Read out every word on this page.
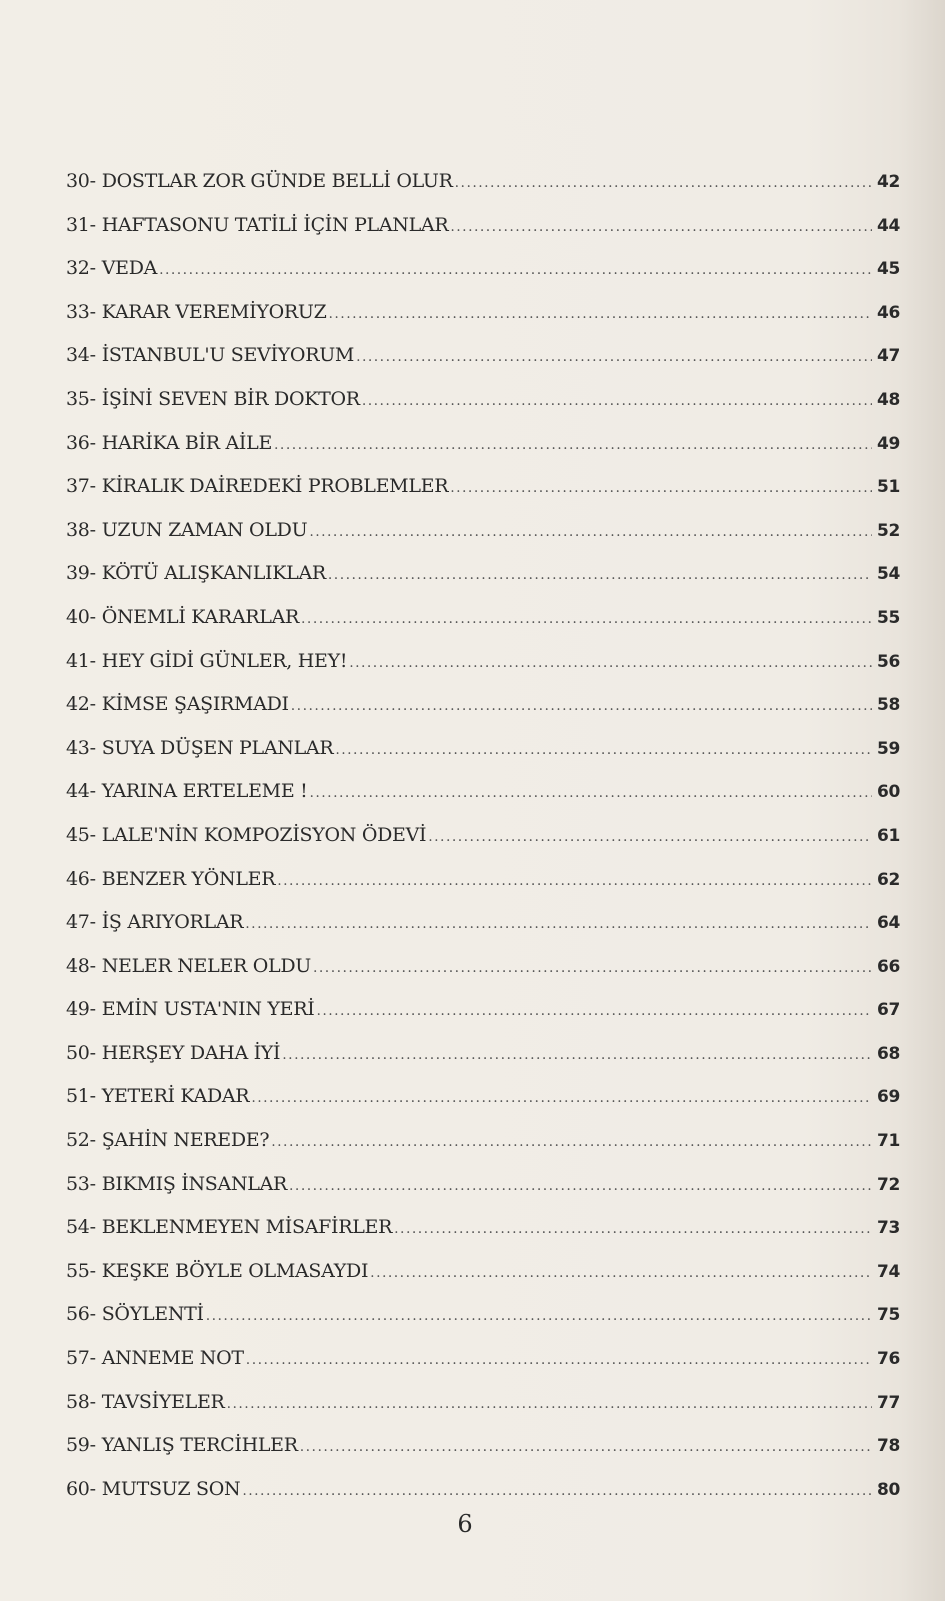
30- DOSTLAR ZOR GÜNDE BELLİ OLUR . . .	42
31- HAFTASONU TATİLİ İÇİN PLANLAR . . .	44
32- VEDA . . .	45
33- KARAR VEREMİYORUZ . . .	46
34- İSTANBUL'U SEVİYORUM . . .	47
35- İŞİNİ SEVEN BİR DOKTOR . . .	48
36- HARİKA BİR AİLE . . .	49
37- KİRALIK DAİREDEKİ PROBLEMLER . . .	51
38- UZUN ZAMAN OLDU . . .	52
39- KÖTÜ ALIŞKANLIKLAR . . .	54
40- ÖNEMLİ KARARLAR . . .	55
41- HEY GİDİ GÜNLER, HEY! . . .	56
42- KİMSE ŞAŞIRMADI . . .	58
43- SUYA DÜŞEN PLANLAR . . .	59
44- YARINA ERTELEME ! . . .	60
45- LALE'NİN KOMPOZİSYON ÖDEVİ . . .	61
46- BENZER YÖNLER . . .	62
47- İŞ ARIYORLAR . . .	64
48- NELER NELER OLDU . . .	66
49- EMİN USTA'NIN YERİ . . .	67
50- HERŞEY DAHA İYİ . . .	68
51- YETERİ KADAR . . .	69
52- ŞAHİN NEREDE? . . .	71
53- BIKMIŞ İNSANLAR . . .	72
54- BEKLENMEYEN MİSAFİRLER . . .	73
55- KEŞKE BÖYLE OLMASAYDI . . .	74
56- SÖYLENTİ . . .	75
57- ANNEME NOT . . .	76
58- TAVSİYELER . . .	77
59- YANLIŞ TERCİHLER . . .	78
60- MUTSUZ SON . . .	80
6
